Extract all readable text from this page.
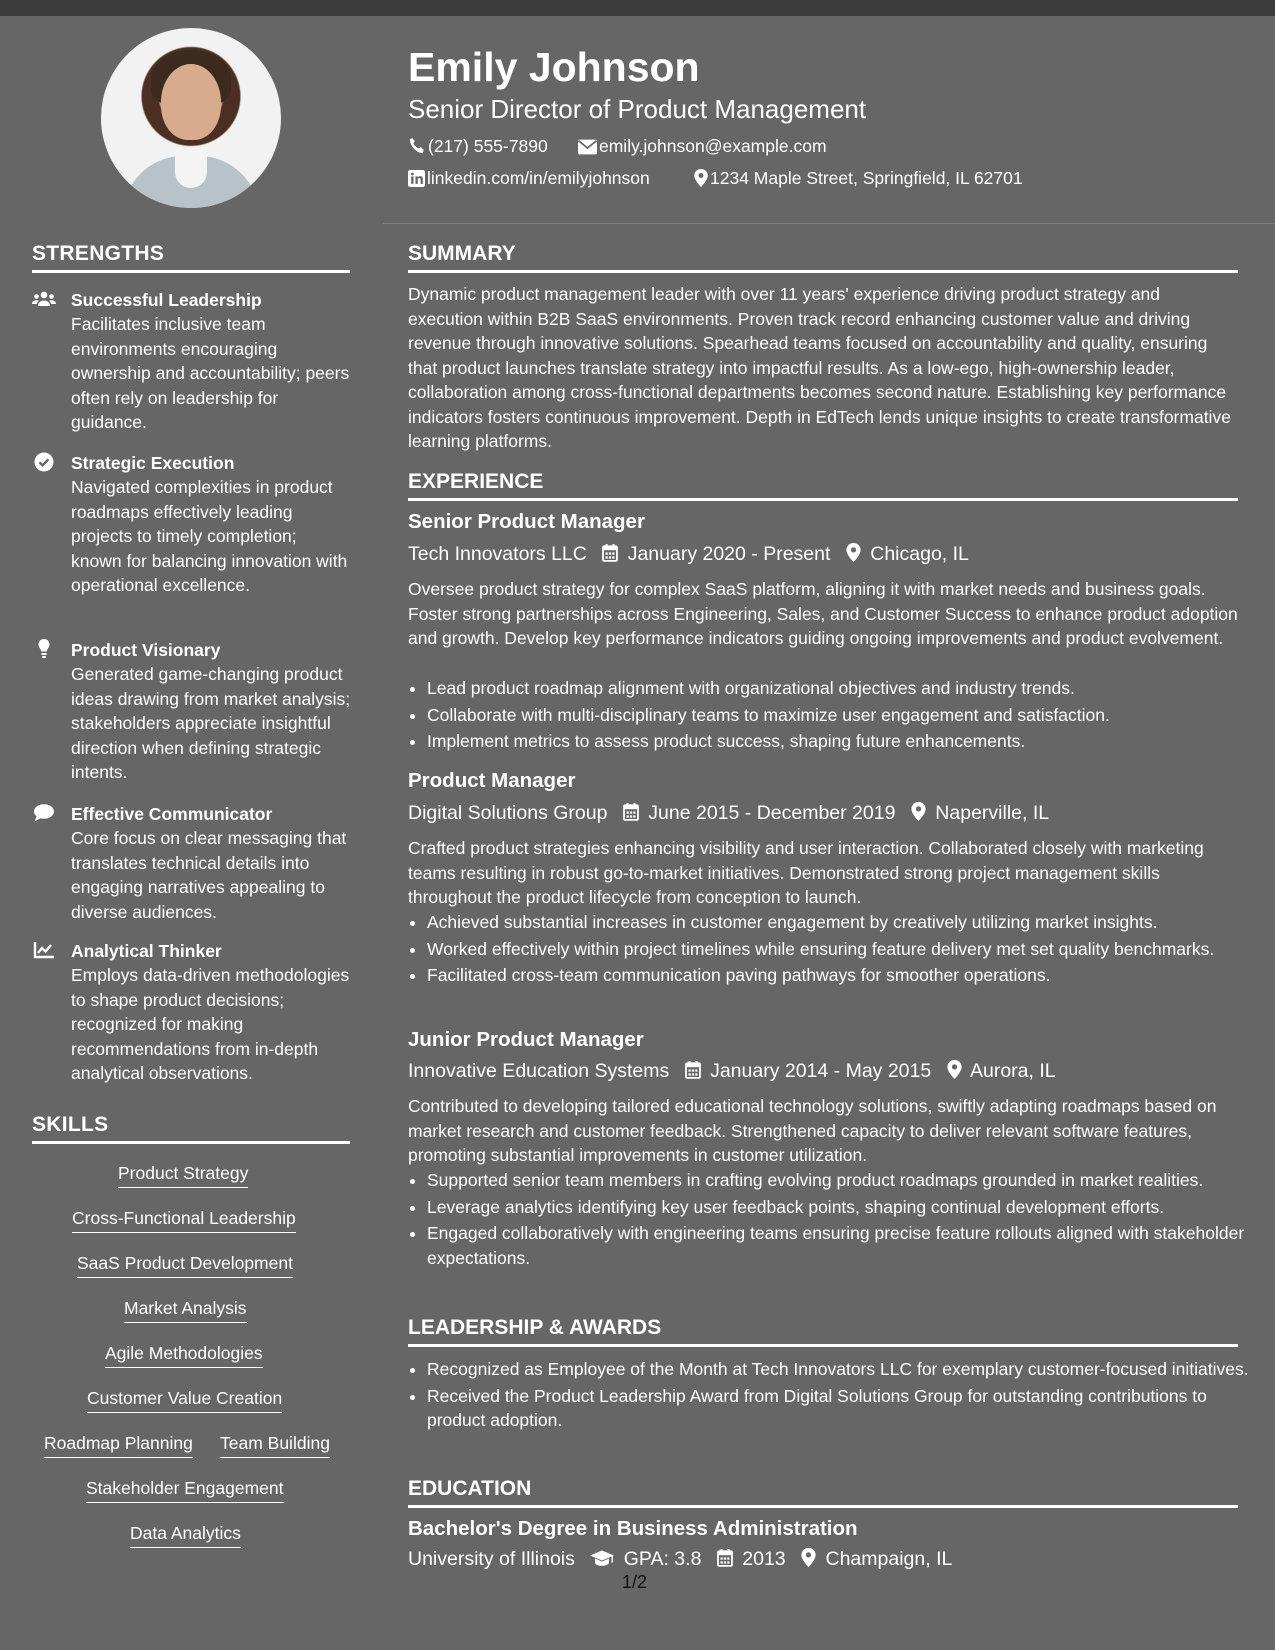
Emily Johnson
Senior Director of Product Management
(217) 555-7890	emily.johnson@example.com
linkedin.com/in/emilyjohnson	1234 Maple Street, Springfield, IL 62701
STRENGTHS
Successful Leadership
Facilitates inclusive team environments encouraging ownership and accountability; peers often rely on leadership for guidance.
Strategic Execution
Navigated complexities in product roadmaps effectively leading projects to timely completion; known for balancing innovation with operational excellence.
Product Visionary
Generated game-changing product ideas drawing from market analysis; stakeholders appreciate insightful direction when defining strategic intents.
Effective Communicator
Core focus on clear messaging that translates technical details into engaging narratives appealing to diverse audiences.
Analytical Thinker
Employs data-driven methodologies to shape product decisions; recognized for making recommendations from in-depth analytical observations.
SKILLS
Product Strategy
Cross-Functional Leadership
SaaS Product Development
Market Analysis
Agile Methodologies
Customer Value Creation
Roadmap Planning Team Building
Stakeholder Engagement
Data Analytics
SUMMARY
Dynamic product management leader with over 11 years' experience driving product strategy and execution within B2B SaaS environments. Proven track record enhancing customer value and driving revenue through innovative solutions. Spearhead teams focused on accountability and quality, ensuring that product launches translate strategy into impactful results. As a low-ego, high-ownership leader, collaboration among cross-functional departments becomes second nature. Establishing key performance indicators fosters continuous improvement. Depth in EdTech lends unique insights to create transformative learning platforms.
EXPERIENCE
Senior Product Manager
Tech Innovators LLC January 2020 - Present Chicago, IL
Oversee product strategy for complex SaaS platform, aligning it with market needs and business goals. Foster strong partnerships across Engineering, Sales, and Customer Success to enhance product adoption and growth. Develop key performance indicators guiding ongoing improvements and product evolvement.
• Lead product roadmap alignment with organizational objectives and industry trends.
• Collaborate with multi-disciplinary teams to maximize user engagement and satisfaction.
• Implement metrics to assess product success, shaping future enhancements.
Product Manager
Digital Solutions Group June 2015 - December 2019 Naperville, IL
Crafted product strategies enhancing visibility and user interaction. Collaborated closely with marketing teams resulting in robust go-to-market initiatives. Demonstrated strong project management skills throughout the product lifecycle from conception to launch.
• Achieved substantial increases in customer engagement by creatively utilizing market insights.
• Worked effectively within project timelines while ensuring feature delivery met set quality benchmarks.
• Facilitated cross-team communication paving pathways for smoother operations.
Junior Product Manager
Innovative Education Systems January 2014 - May 2015 Aurora, IL
Contributed to developing tailored educational technology solutions, swiftly adapting roadmaps based on market research and customer feedback. Strengthened capacity to deliver relevant software features, promoting substantial improvements in customer utilization.
• Supported senior team members in crafting evolving product roadmaps grounded in market realities.
• Leverage analytics identifying key user feedback points, shaping continual development efforts.
• Engaged collaboratively with engineering teams ensuring precise feature rollouts aligned with stakeholder expectations.
LEADERSHIP & AWARDS
• Recognized as Employee of the Month at Tech Innovators LLC for exemplary customer-focused initiatives.
• Received the Product Leadership Award from Digital Solutions Group for outstanding contributions to product adoption.
EDUCATION
Bachelor's Degree in Business Administration
University of Illinois	GPA: 3.8 2013 Champaign, IL
1/2
